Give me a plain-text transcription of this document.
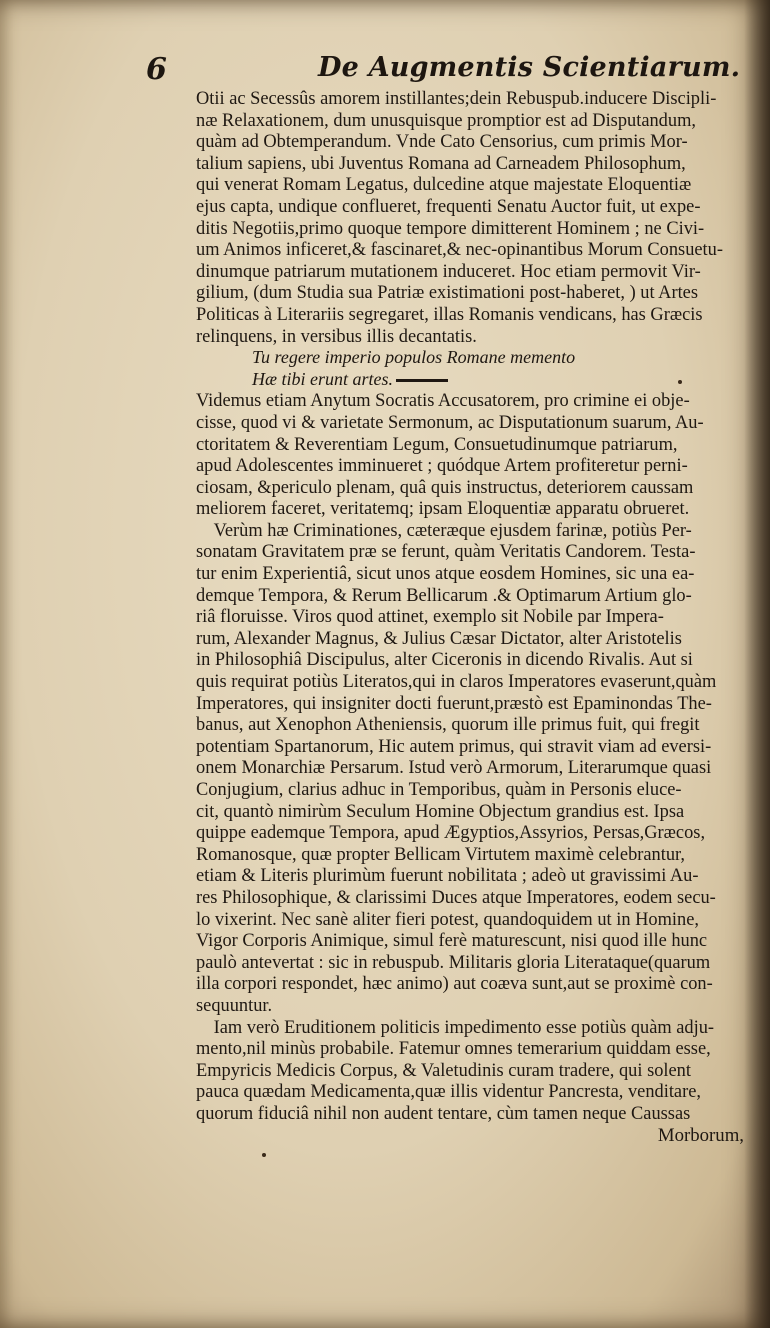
6	De Augmentis Scientiarum.
Otii ac Secessûs amorem instillantes;dein Rebuspub.inducere Discipli-
næ Relaxationem, dum unusquisque promptior est ad Disputandum,
quàm ad Obtemperandum. Vnde Cato Censorius, cum primis Mor-
talium sapiens, ubi Juventus Romana ad Carneadem Philosophum,
qui venerat Romam Legatus, dulcedine atque majestate Eloquentiæ
ejus capta, undique conflueret, frequenti Senatu Auctor fuit, ut expe-
ditis Negotiis,primo quoque tempore dimitterent Hominem ; ne Civi-
um Animos inficeret,& fascinaret,& nec-opinantibus Morum Consuetu-
dinumque patriarum mutationem induceret. Hoc etiam permovit Vir-
gilium, (dum Studia sua Patriæ existimationi post-haberet, ) ut Artes
Politicas à Literariis segregaret, illas Romanis vendicans, has Græcis
relinquens, in versibus illis decantatis.
Tu regere imperio populos Romane memento
Hæ tibi erunt artes.
Videmus etiam Anytum Socratis Accusatorem, pro crimine ei obje-
cisse, quod vi & varietate Sermonum, ac Disputationum suarum, Au-
ctoritatem & Reverentiam Legum, Consuetudinumque patriarum,
apud Adolescentes imminueret ; quódque Artem profiteretur perni-
ciosam, &periculo plenam, quâ quis instructus, deteriorem caussam
meliorem faceret, veritatemq; ipsam Eloquentiæ apparatu obrueret.
Verùm hæ Criminationes, cæteræque ejusdem farinæ, potiùs Per-
sonatam Gravitatem præ se ferunt, quàm Veritatis Candorem. Testa-
tur enim Experientiâ, sicut unos atque eosdem Homines, sic una ea-
demque Tempora, & Rerum Bellicarum .& Optimarum Artium glo-
riâ floruisse. Viros quod attinet, exemplo sit Nobile par Impera-
rum, Alexander Magnus, & Julius Cæsar Dictator, alter Aristotelis
in Philosophiâ Discipulus, alter Ciceronis in dicendo Rivalis. Aut si
quis requirat potiùs Literatos,qui in claros Imperatores evaserunt,quàm
Imperatores, qui insigniter docti fuerunt,præstò est Epaminondas The-
banus, aut Xenophon Atheniensis, quorum ille primus fuit, qui fregit
potentiam Spartanorum, Hic autem primus, qui stravit viam ad eversi-
onem Monarchiæ Persarum. Istud verò Armorum, Literarumque quasi
Conjugium, clarius adhuc in Temporibus, quàm in Personis eluce-
cit, quantò nimirùm Seculum Homine Objectum grandius est. Ipsa
quippe eademque Tempora, apud Ægyptios,Assyrios, Persas,Græcos,
Romanosque, quæ propter Bellicam Virtutem maximè celebrantur,
etiam & Literis plurimùm fuerunt nobilitata ; adeò ut gravissimi Au-
res Philosophique, & clarissimi Duces atque Imperatores, eodem secu-
lo vixerint. Nec sanè aliter fieri potest, quandoquidem ut in Homine,
Vigor Corporis Animique, simul ferè maturescunt, nisi quod ille hunc
paulò antevertat : sic in rebuspub. Militaris gloria Literataque(quarum
illa corpori respondet, hæc animo) aut coæva sunt,aut se proximè con-
sequuntur.
Iam verò Eruditionem politicis impedimento esse potiùs quàm adju-
mento,nil minùs probabile. Fatemur omnes temerarium quiddam esse,
Empyricis Medicis Corpus, & Valetudinis curam tradere, qui solent
pauca quædam Medicamenta,quæ illis videntur Pancresta, venditare,
quorum fiduciâ nihil non audent tentare, cùm tamen neque Caussas
Morborum,
